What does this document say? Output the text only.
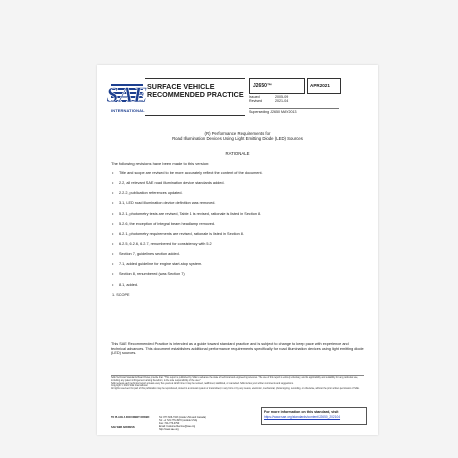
SAE
INTERNATIONAL
SURFACE VEHICLE
RECOMMENDED PRACTICE
J2650™	APR2021
Issued	2005-09
Revised	2021-04
Superseding J2650 MAY2013
(R) Performance Requirements for
Road Illumination Devices Using Light Emitting Diode (LED) Sources
RATIONALE
The following revisions have been made to this version:
• Title and scope are revised to be more accurately reflect the content of the document.
• 2.2, all relevant SAE road illumination device standards added.
• 2.2.2, publication references updated.
• 3.1, LED road illumination device definition was removed.
• 5.2.1, photometry tests are revised, Table 1 is revised, rationale is listed in Section 8.
• 5.2.6, the exception of integral beam headlamp removed.
• 6.2.1, photometry requirements are revised, rationale is listed in Section 8.
• 6.2.5, 6.2.6, 6.2.7, renumbered for consistency with 5.2
• Section 7, guidelines section added.
• 7.1, added guideline for engine start-stop system.
• Section 8, renumbered (was Section 7)
• 8.1, added.
1. SCOPE
This SAE Recommended Practice is intended as a guide toward standard practice and is subject to change to keep pace with experience and technical advances. This document establishes additional performance requirements specifically for road illumination devices using light emitting diode (LED) sources.
SAE Technical Standards Board Rules provide that: "This report is published by SAE to advance the state of technical and engineering sciences. The use of this report is entirely voluntary, and its applicability and suitability for any particular use, including any patent infringement arising therefrom, is the sole responsibility of the user."
SAE reviews each technical report at least every five years at which time it may be revised, reaffirmed, stabilized, or cancelled. SAE invites your written comments and suggestions.
Copyright © 2021 SAE International
All rights reserved. No part of this publication may be reproduced, stored in a retrieval system or transmitted, in any form or by any means, electronic, mechanical, photocopying, recording, or otherwise, without the prior written permission of SAE.
TO PLACE A DOCUMENT ORDER:	Tel: 877-606-7323 (inside USA and Canada)
Tel: +1 724-776-4970 (outside USA)
Fax: 724-776-0790
Email: CustomerService@sae.org
http://www.sae.org
For more information on this standard, visit
https://www.sae.org/standards/content/J2650_202104
SAE WEB ADDRESS:
